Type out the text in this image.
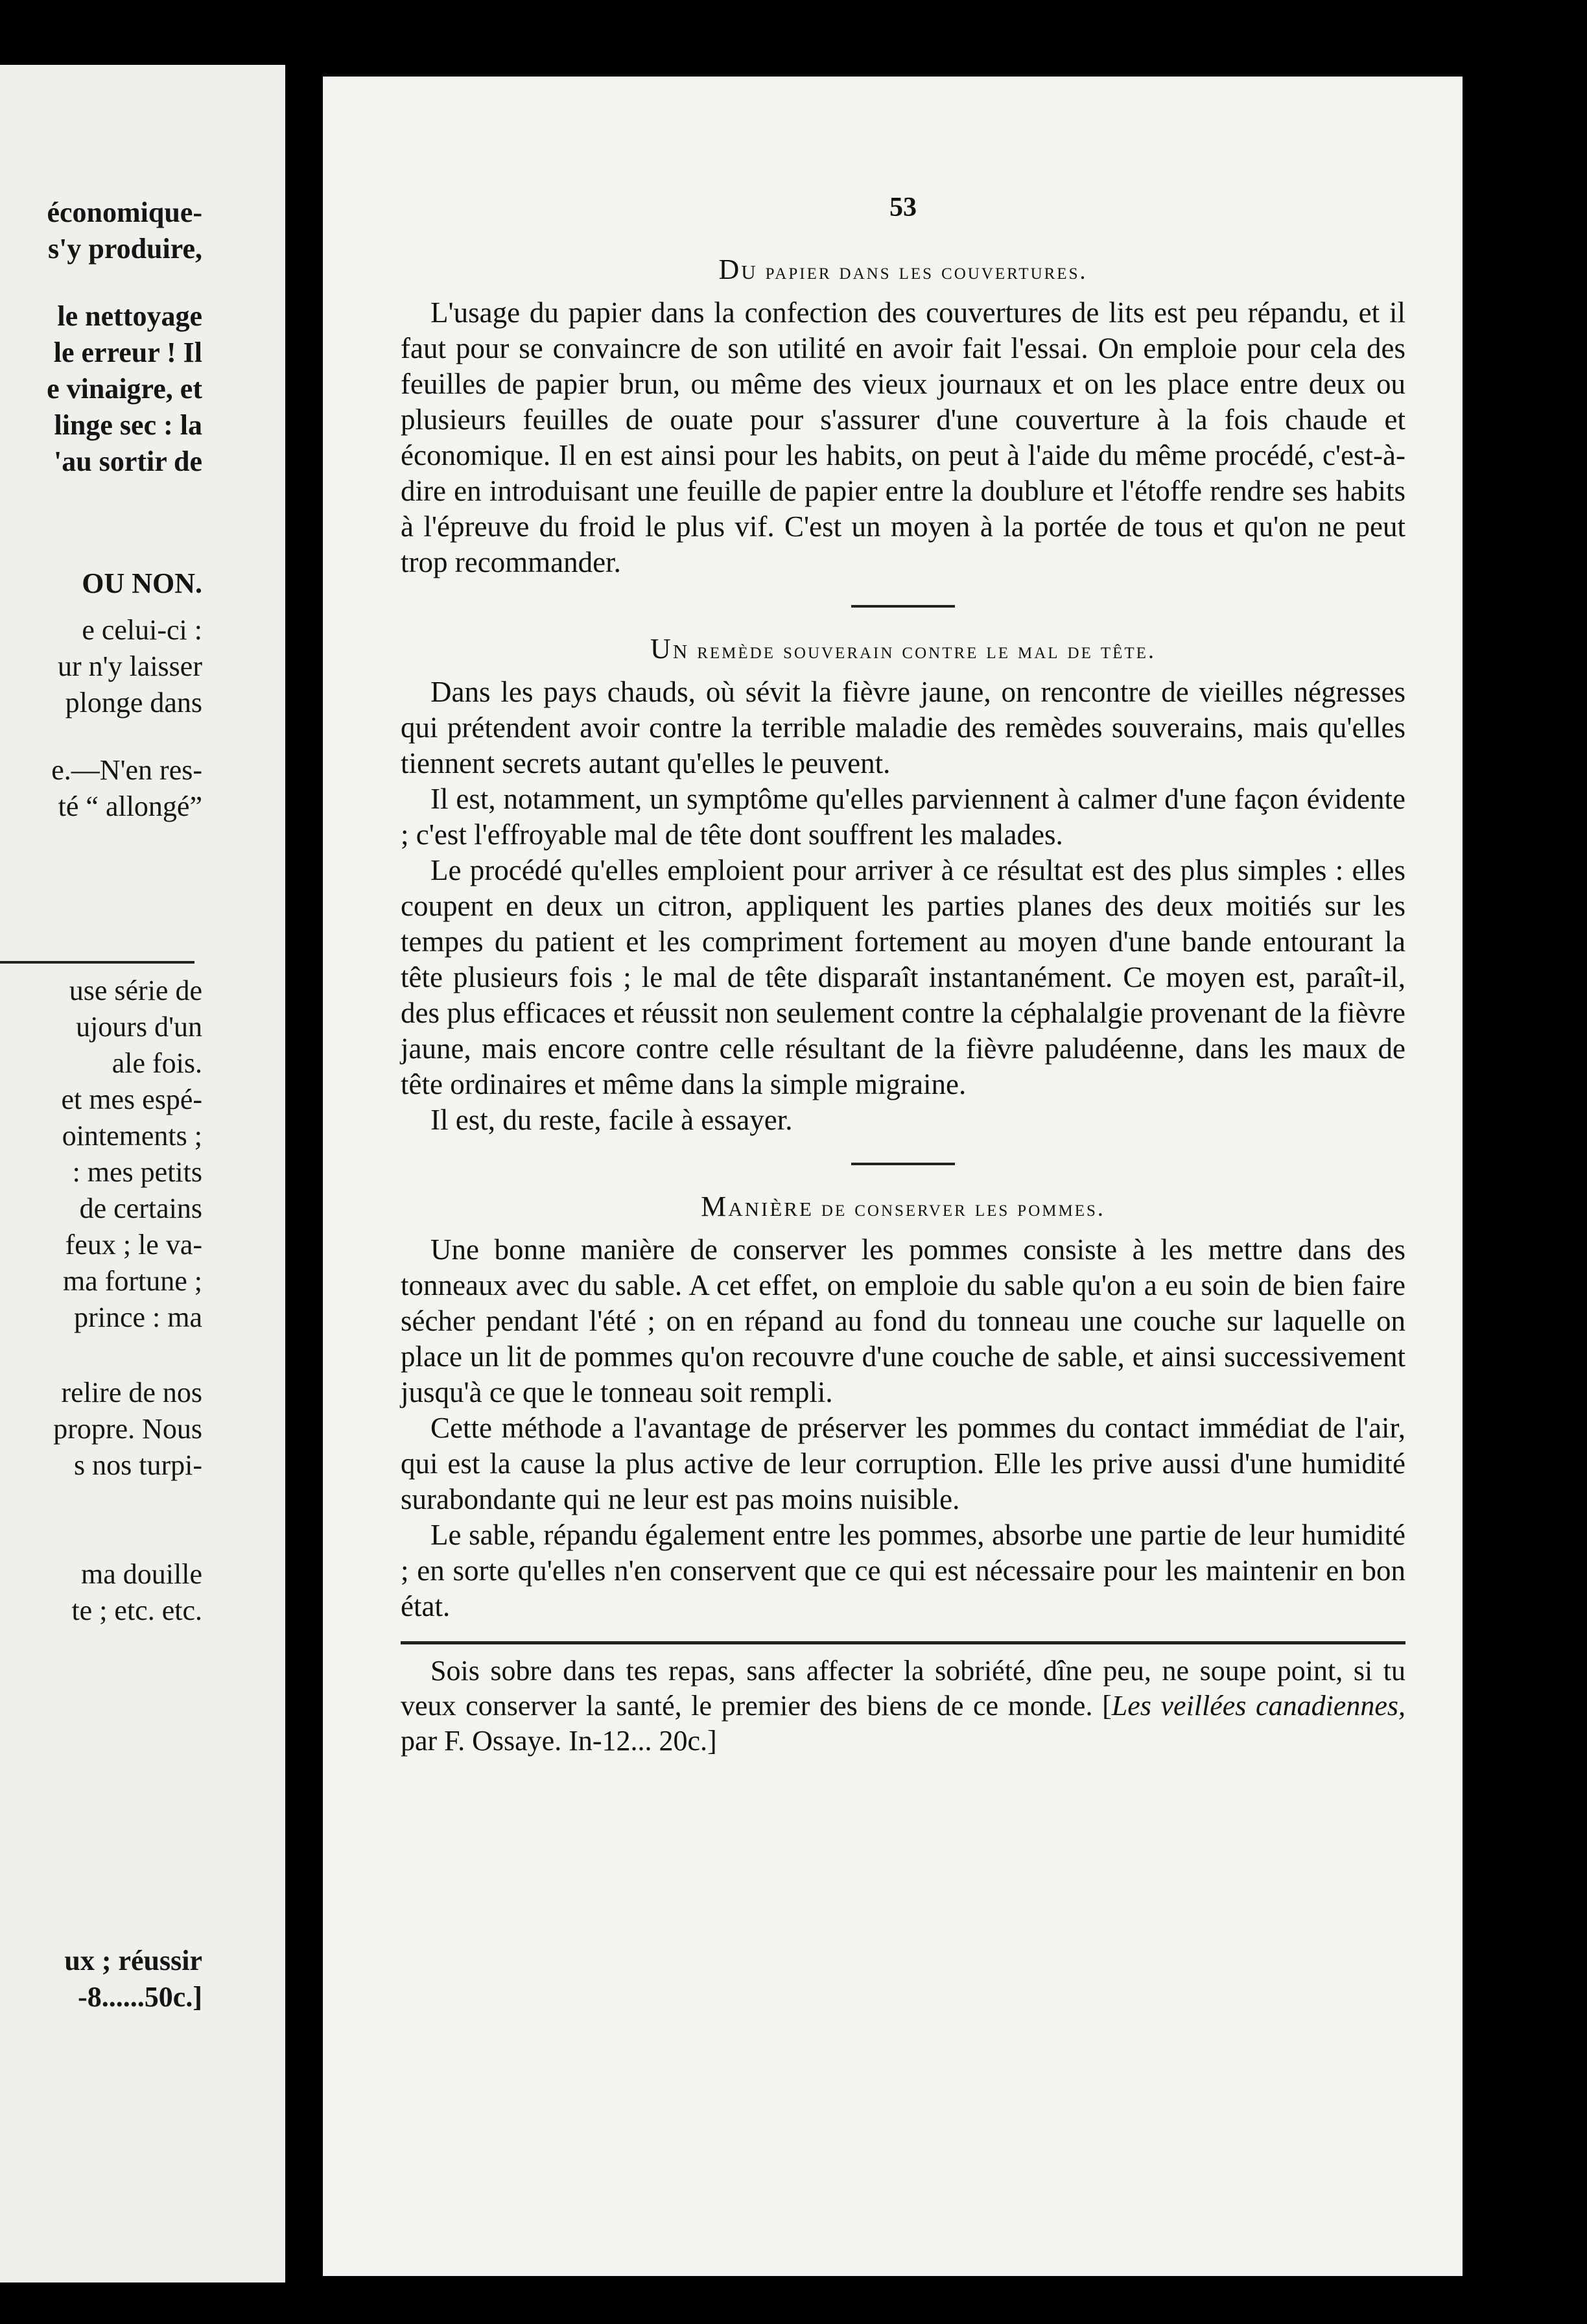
économique-
s'y produire,
le nettoyage
le erreur ! Il
e vinaigre, et
linge sec : la
'au sortir de
OU NON.
e celui-ci :
ur n'y laisser
plonge dans
e.—N'en res-
té “ allongé”
use série de
ujours d'un
ale fois.
et mes espé-
ointements ;
: mes petits
de certains
feux ; le va-
ma fortune ;
prince : ma
relire de nos
propre. Nous
s nos turpi-
ma douille
te ; etc. etc.
ux ; réussir
-8......50c.]
53
Du papier dans les couvertures.

L'usage du papier dans la confection des couvertures de lits est peu répandu, et il faut pour se convaincre de son utilité en avoir fait l'essai. On emploie pour cela des feuilles de papier brun, ou même des vieux journaux et on les place entre deux ou plusieurs feuilles de ouate pour s'assurer d'une couverture à la fois chaude et économique. Il en est ainsi pour les habits, on peut à l'aide du même procédé, c'est-à-dire en introduisant une feuille de papier entre la doublure et l'étoffe rendre ses habits à l'épreuve du froid le plus vif. C'est un moyen à la portée de tous et qu'on ne peut trop recommander.

Un remède souverain contre le mal de tête.

Dans les pays chauds, où sévit la fièvre jaune, on rencontre de vieilles négresses qui prétendent avoir contre la terrible maladie des remèdes souverains, mais qu'elles tiennent secrets autant qu'elles le peuvent.

Il est, notamment, un symptôme qu'elles parviennent à calmer d'une façon évidente ; c'est l'effroyable mal de tête dont souffrent les malades.

Le procédé qu'elles emploient pour arriver à ce résultat est des plus simples : elles coupent en deux un citron, appliquent les parties planes des deux moitiés sur les tempes du patient et les compriment fortement au moyen d'une bande entourant la tête plusieurs fois ; le mal de tête disparaît instantanément. Ce moyen est, paraît-il, des plus efficaces et réussit non seulement contre la céphalalgie provenant de la fièvre jaune, mais encore contre celle résultant de la fièvre paludéenne, dans les maux de tête ordinaires et même dans la simple migraine.

Il est, du reste, facile à essayer.

Manière de conserver les pommes.

Une bonne manière de conserver les pommes consiste à les mettre dans des tonneaux avec du sable. A cet effet, on emploie du sable qu'on a eu soin de bien faire sécher pendant l'été ; on en répand au fond du tonneau une couche sur laquelle on place un lit de pommes qu'on recouvre d'une couche de sable, et ainsi successivement jusqu'à ce que le tonneau soit rempli.

Cette méthode a l'avantage de préserver les pommes du contact immédiat de l'air, qui est la cause la plus active de leur corruption. Elle les prive aussi d'une humidité surabondante qui ne leur est pas moins nuisible.

Le sable, répandu également entre les pommes, absorbe une partie de leur humidité ; en sorte qu'elles n'en conservent que ce qui est nécessaire pour les maintenir en bon état.

Sois sobre dans tes repas, sans affecter la sobriété, dîne peu, ne soupe point, si tu veux conserver la santé, le premier des biens de ce monde. [Les veillées canadiennes, par F. Ossaye. In-12... 20c.]
